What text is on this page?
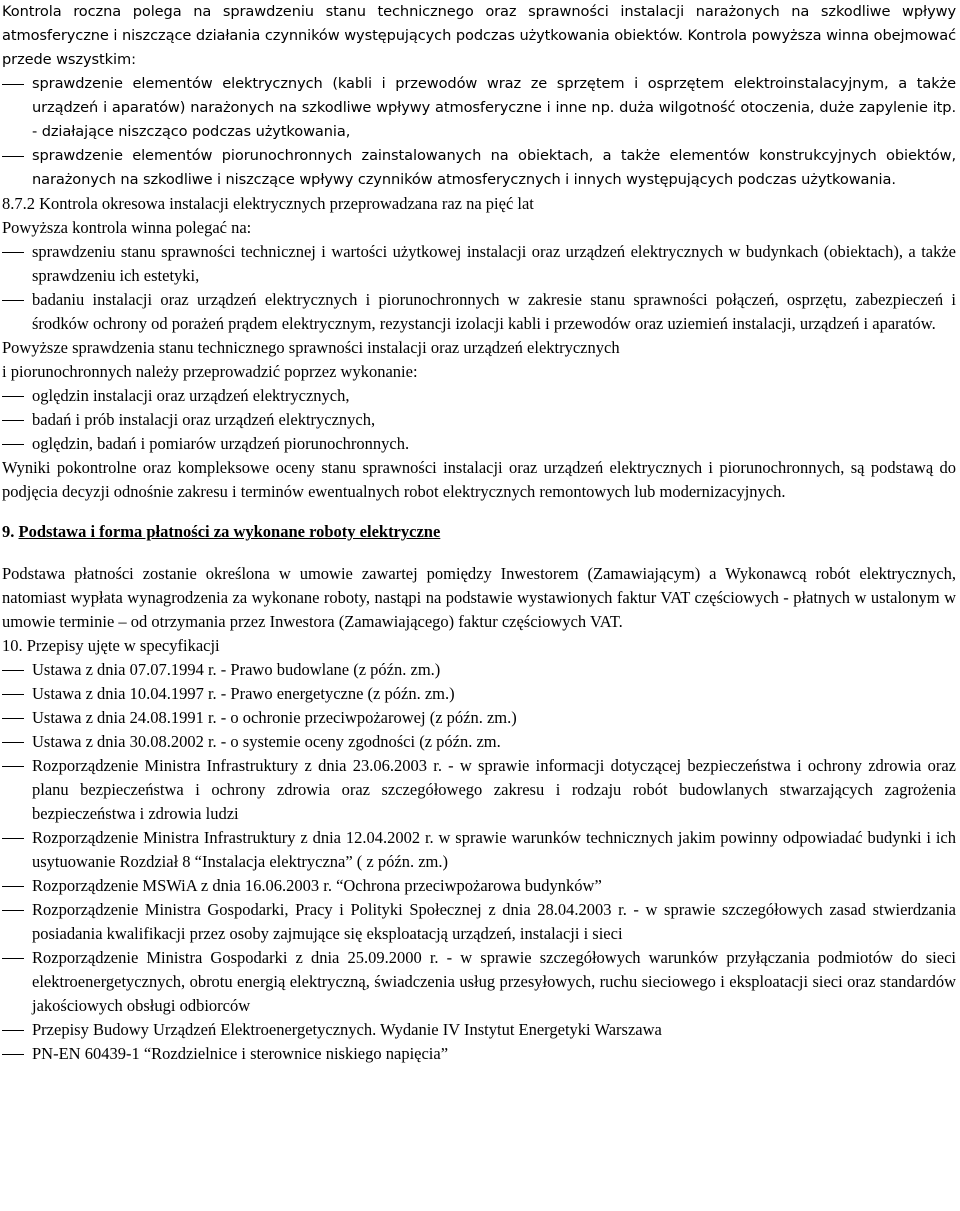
Kontrola roczna polega na sprawdzeniu stanu technicznego oraz sprawności instalacji narażonych na szkodliwe wpływy atmosferyczne i niszczące działania czynników występujących podczas użytkowania obiektów. Kontrola powyższa winna obejmować przede wszystkim:

sprawdzenie elementów elektrycznych (kabli i przewodów wraz ze sprzętem i osprzętem elektroinstalacyjnym, a także urządzeń i aparatów) narażonych na szkodliwe wpływy atmosferyczne i inne np. duża wilgotność otoczenia, duże zapylenie itp. - działające niszcząco podczas użytkowania,

sprawdzenie elementów piorunochronnych zainstalowanych na obiektach, a także elementów konstrukcyjnych obiektów, narażonych na szkodliwe i niszczące wpływy czynników atmosferycznych i innych występujących podczas użytkowania.

8.7.2 Kontrola okresowa instalacji elektrycznych przeprowadzana raz na pięć lat

Powyższa kontrola winna polegać na:

sprawdzeniu stanu sprawności technicznej i wartości użytkowej instalacji oraz urządzeń elektrycznych w budynkach (obiektach), a także sprawdzeniu ich estetyki,

badaniu instalacji oraz urządzeń elektrycznych i piorunochronnych w zakresie stanu sprawności połączeń, osprzętu, zabezpieczeń i środków ochrony od porażeń prądem elektrycznym, rezystancji izolacji kabli i przewodów oraz uziemień instalacji, urządzeń i aparatów.

Powyższe sprawdzenia stanu technicznego sprawności instalacji oraz urządzeń elektrycznych

i piorunochronnych należy przeprowadzić poprzez wykonanie:

oględzin instalacji oraz urządzeń elektrycznych,

badań i prób instalacji oraz urządzeń elektrycznych,

oględzin, badań i pomiarów urządzeń piorunochronnych.

Wyniki pokontrolne oraz kompleksowe oceny stanu sprawności instalacji oraz urządzeń elektrycznych i piorunochronnych, są podstawą do podjęcia decyzji odnośnie zakresu i terminów ewentualnych robot elektrycznych remontowych lub modernizacyjnych.

9. Podstawa i forma płatności za wykonane roboty elektryczne

Podstawa płatności zostanie określona w umowie zawartej pomiędzy Inwestorem (Zamawiającym) a Wykonawcą robót elektrycznych, natomiast wypłata wynagrodzenia za wykonane roboty, nastąpi na podstawie wystawionych faktur VAT częściowych - płatnych w ustalonym w umowie terminie – od otrzymania przez Inwestora (Zamawiającego) faktur częściowych VAT.

10. Przepisy ujęte w specyfikacji

Ustawa z dnia 07.07.1994 r. - Prawo budowlane (z późn. zm.)

Ustawa z dnia 10.04.1997 r. - Prawo energetyczne (z późn. zm.)

Ustawa z dnia 24.08.1991 r. - o ochronie przeciwpożarowej (z późn. zm.)

Ustawa z dnia 30.08.2002 r. - o systemie oceny zgodności (z późn. zm.

Rozporządzenie Ministra Infrastruktury z dnia 23.06.2003 r. - w sprawie informacji dotyczącej bezpieczeństwa i ochrony zdrowia oraz planu bezpieczeństwa i ochrony zdrowia oraz szczegółowego zakresu i rodzaju robót budowlanych stwarzających zagrożenia bezpieczeństwa i zdrowia ludzi

Rozporządzenie Ministra Infrastruktury z dnia 12.04.2002 r. w sprawie warunków technicznych jakim powinny odpowiadać budynki i ich usytuowanie Rozdział 8 “Instalacja elektryczna” ( z późn. zm.)

Rozporządzenie MSWiA z dnia 16.06.2003 r. “Ochrona przeciwpożarowa budynków”

Rozporządzenie Ministra Gospodarki, Pracy i Polityki Społecznej z dnia 28.04.2003 r. - w sprawie szczegółowych zasad stwierdzania posiadania kwalifikacji przez osoby zajmujące się eksploatacją urządzeń, instalacji i sieci

Rozporządzenie Ministra Gospodarki z dnia 25.09.2000 r. - w sprawie szczegółowych warunków przyłączania podmiotów do sieci elektroenergetycznych, obrotu energią elektryczną, świadczenia usług przesyłowych, ruchu sieciowego i eksploatacji sieci oraz standardów jakościowych obsługi odbiorców

Przepisy Budowy Urządzeń Elektroenergetycznych. Wydanie IV Instytut Energetyki Warszawa

PN-EN 60439-1 “Rozdzielnice i sterownice niskiego napięcia”
